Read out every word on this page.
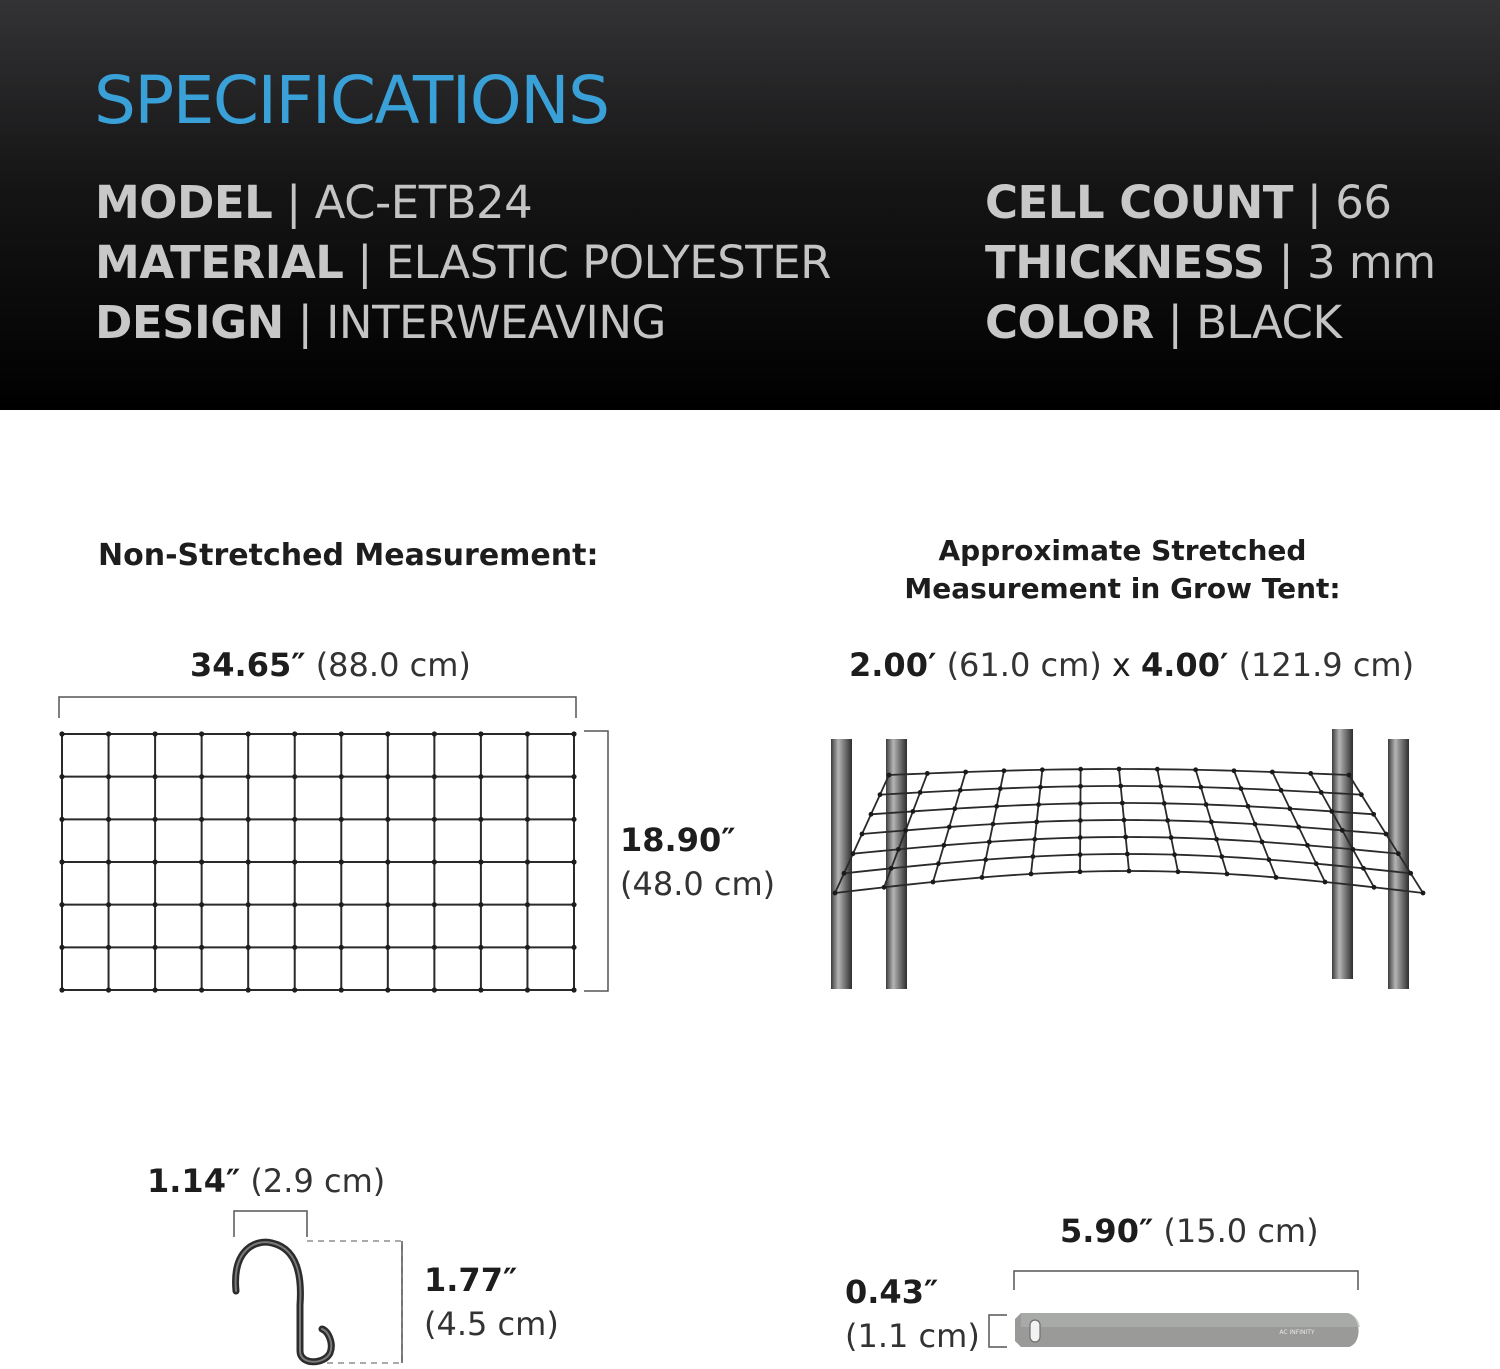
SPECIFICATIONS
MODEL | AC-ETB24
MATERIAL | ELASTIC POLYESTER
DESIGN | INTERWEAVING
CELL COUNT | 66
THICKNESS | 3 mm
COLOR | BLACK
Non-Stretched Measurement:	Approximate Stretched
Measurement in Grow Tent:
34.65″ (88.0 cm)
18.90″
(48.0 cm)
2.00′ (61.0 cm) x 4.00′ (121.9 cm)
1.14″ (2.9 cm)
1.77″
(4.5 cm)
5.90″ (15.0 cm)
0.43″
(1.1 cm)	AC INFINITY
